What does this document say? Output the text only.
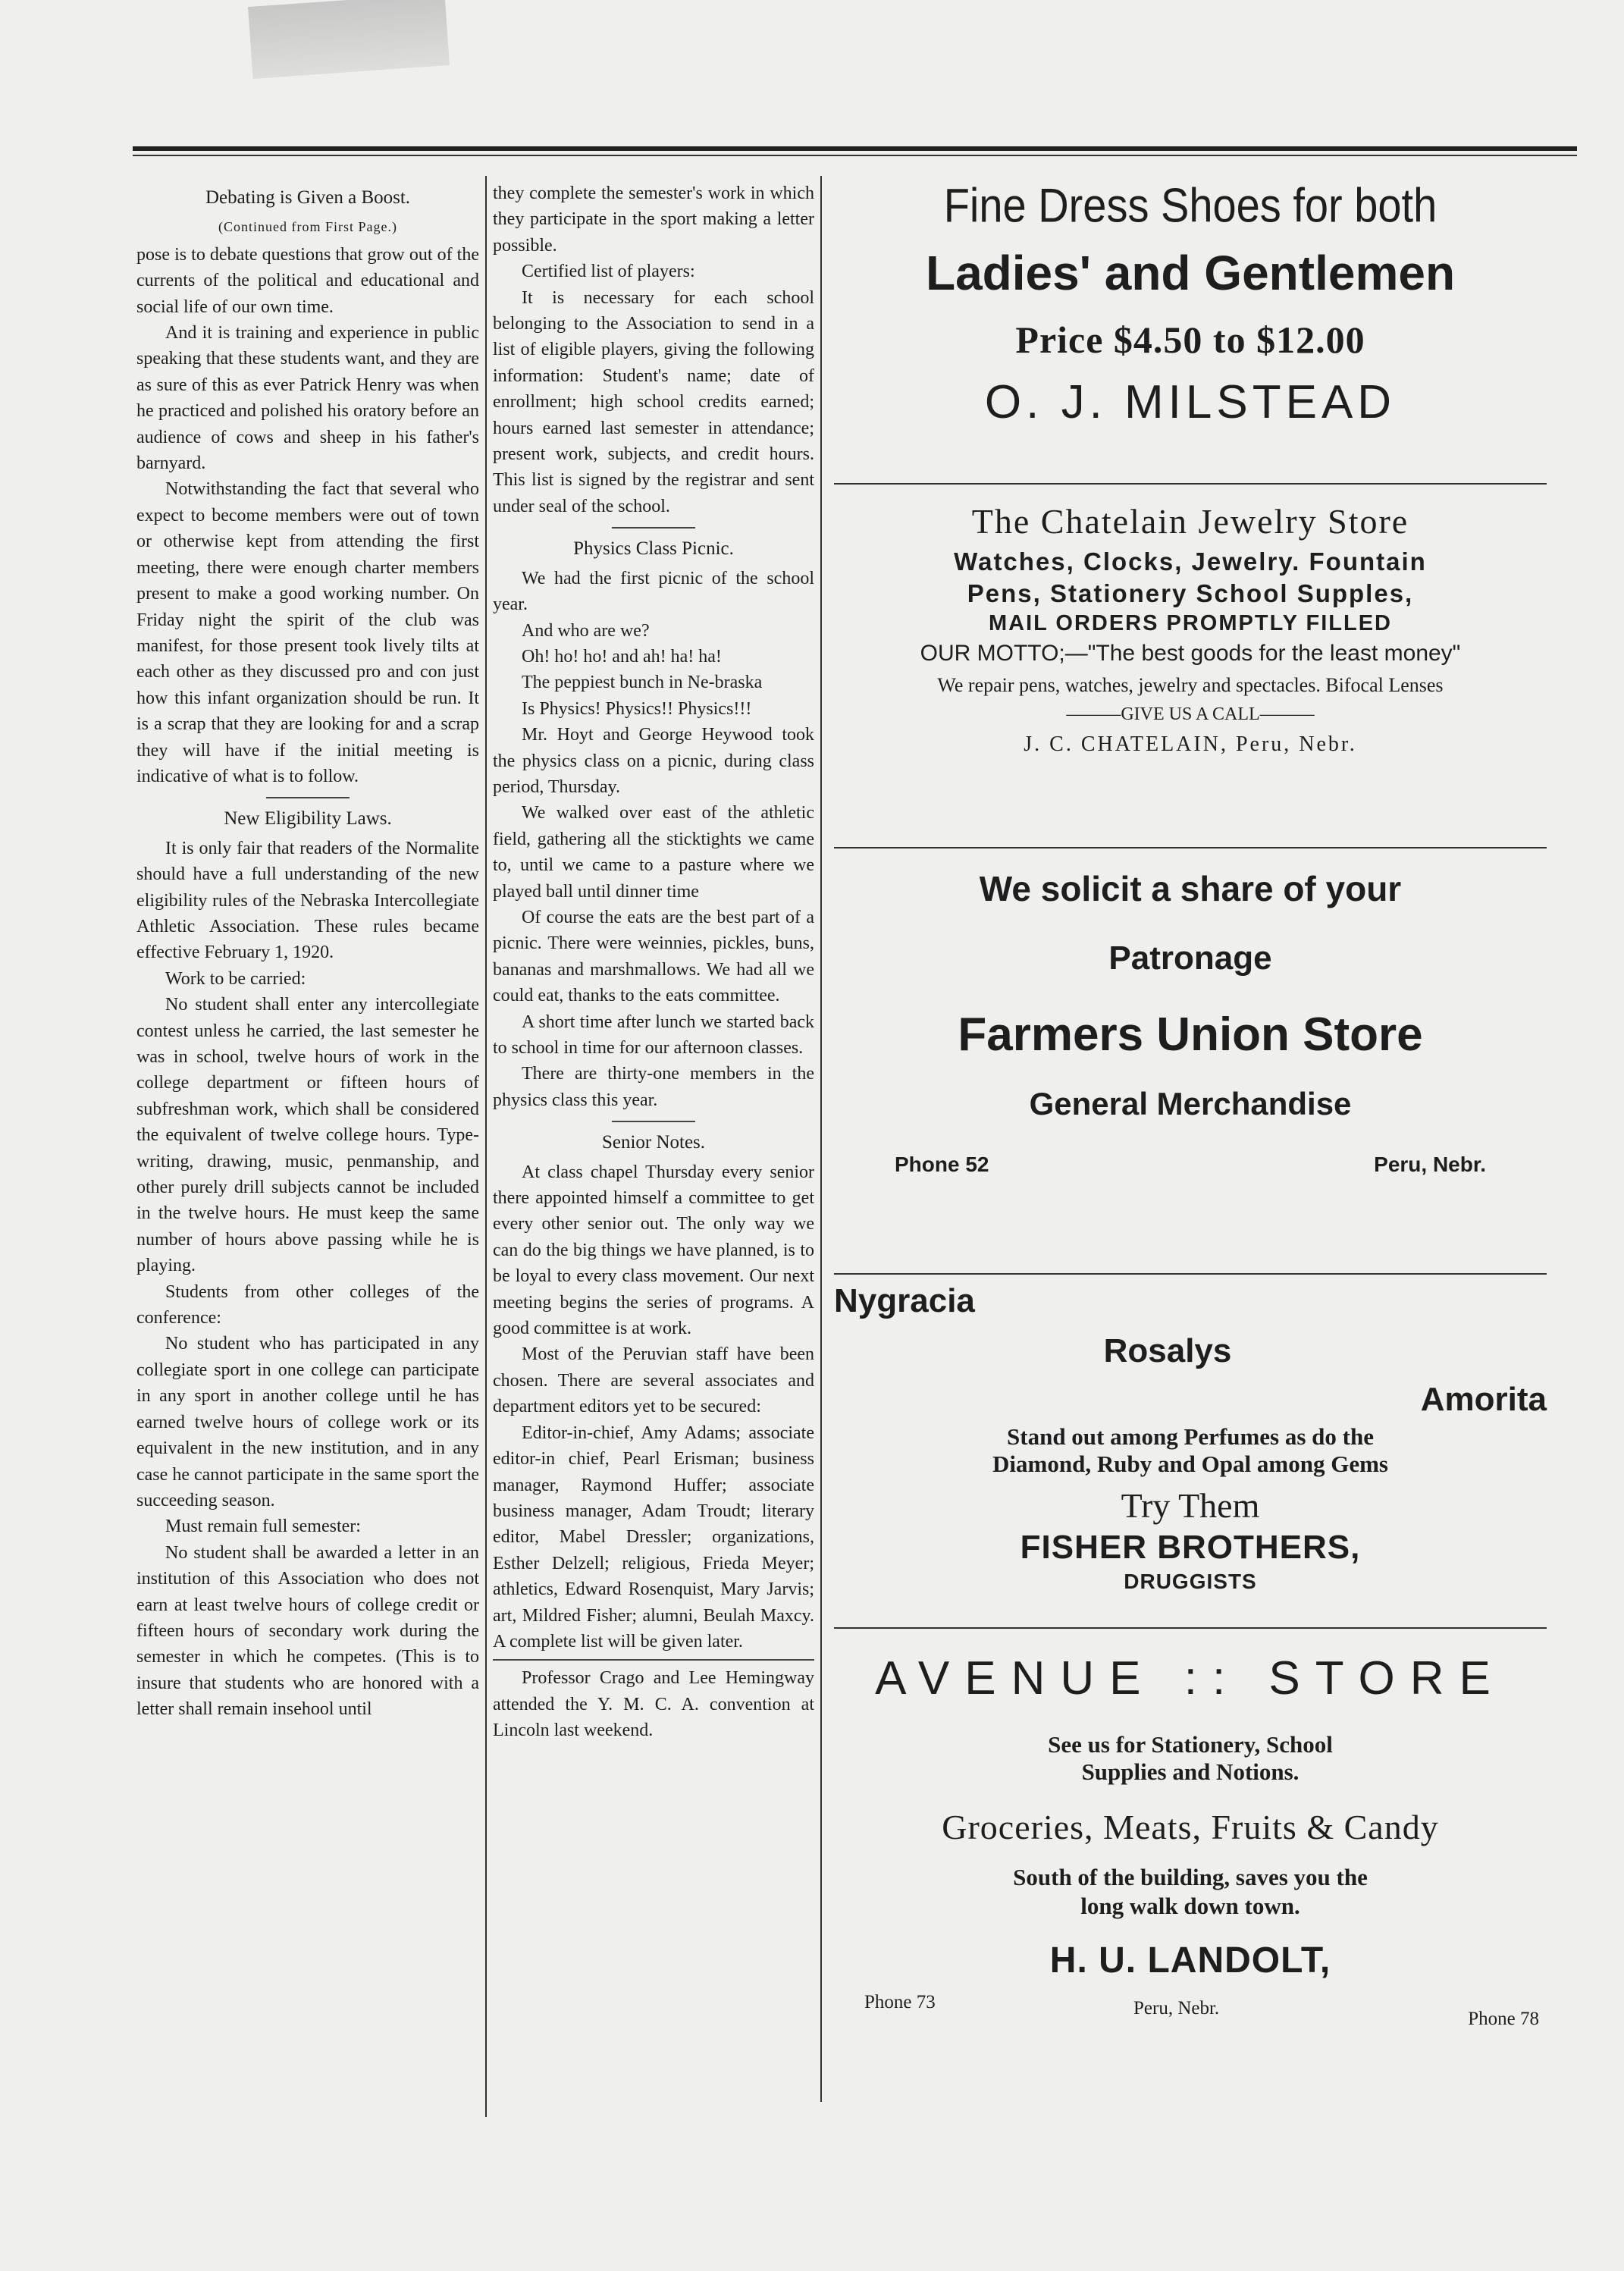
Debating is Given a Boost.
(Continued from First Page.)

pose is to debate questions that grow out of the currents of the political and educational and social life of our own time.

And it is training and experience in public speaking that these students want, and they are as sure of this as ever Patrick Henry was when he practiced and polished his oratory before an audience of cows and sheep in his father's barnyard.

Notwithstanding the fact that several who expect to become members were out of town or otherwise kept from attending the first meeting, there were enough charter members present to make a good working number. On Friday night the spirit of the club was manifest, for those present took lively tilts at each other as they discussed pro and con just how this infant organization should be run. It is a scrap that they are looking for and a scrap they will have if the initial meeting is indicative of what is to follow.

New Eligibility Laws.

It is only fair that readers of the Normalite should have a full understanding of the new eligibility rules of the Nebraska Intercollegiate Athletic Association. These rules became effective February 1, 1920.

Work to be carried:

No student shall enter any intercollegiate contest unless he carried, the last semester he was in school, twelve hours of work in the college department or fifteen hours of subfreshman work, which shall be considered the equivalent of twelve college hours. Type-writing, drawing, music, penmanship, and other purely drill subjects cannot be included in the twelve hours. He must keep the same number of hours above passing while he is playing.

Students from other colleges of the conference:

No student who has participated in any collegiate sport in one college can participate in any sport in another college until he has earned twelve hours of college work or its equivalent in the new institution, and in any case he cannot participate in the same sport the succeeding season.

Must remain full semester:

No student shall be awarded a letter in an institution of this Association who does not earn at least twelve hours of college credit or fifteen hours of secondary work during the semester in which he competes. (This is to insure that students who are honored with a letter shall remain insehool until

they complete the semester's work in which they participate in the sport making a letter possible.

Certified list of players:

It is necessary for each school belonging to the Association to send in a list of eligible players, giving the following information: Student's name; date of enrollment; high school credits earned; hours earned last semester in attendance; present work, subjects, and credit hours. This list is signed by the registrar and sent under seal of the school.

Physics Class Picnic.

We had the first picnic of the school year.

And who are we?

Oh! ho! ho! and ah! ha! ha!

The peppiest bunch in Ne-braska

Is Physics! Physics!! Physics!!!

Mr. Hoyt and George Heywood took the physics class on a picnic, during class period, Thursday.

We walked over east of the athletic field, gathering all the sticktights we came to, until we came to a pasture where we played ball until dinner time

Of course the eats are the best part of a picnic. There were weinnies, pickles, buns, bananas and marshmallows. We had all we could eat, thanks to the eats committee.

A short time after lunch we started back to school in time for our afternoon classes.

There are thirty-one members in the physics class this year.

Senior Notes.

At class chapel Thursday every senior there appointed himself a committee to get every other senior out. The only way we can do the big things we have planned, is to be loyal to every class movement. Our next meeting begins the series of programs. A good committee is at work.

Most of the Peruvian staff have been chosen. There are several associates and department editors yet to be secured:

Editor-in-chief, Amy Adams; associate editor-in chief, Pearl Erisman; business manager, Raymond Huffer; associate business manager, Adam Troudt; literary editor, Mabel Dressler; organizations, Esther Delzell; religious, Frieda Meyer; athletics, Edward Rosenquist, Mary Jarvis; art, Mildred Fisher; alumni, Beulah Maxcy. A complete list will be given later.

Professor Crago and Lee Hemingway attended the Y. M. C. A. convention at Lincoln last weekend.

Fine Dress Shoes for both
Ladies' and Gentlemen
Price $4.50 to $12.00
O. J. MILSTEAD
The Chatelain Jewelry Store
Watches, Clocks, Jewelry. Fountain
Pens, Stationery School Supples,
MAIL ORDERS PROMPTLY FILLED
OUR MOTTO;—"The best goods for the least money"
We repair pens, watches, jewelry and spectacles. Bifocal Lenses
———GIVE US A CALL———
J. C. CHATELAIN, Peru, Nebr.
We solicit a share of your
Patronage
Farmers Union Store
General Merchandise
Phone 52	Peru, Nebr.
Nygracia
Rosalys
Amorita
Stand out among Perfumes as do the
Diamond, Ruby and Opal among Gems
Try Them
FISHER BROTHERS,
DRUGGISTS
AVENUE :: STORE
See us for Stationery, School
Supplies and Notions.
Groceries, Meats, Fruits & Candy
South of the building, saves you the
long walk down town.
H. U. LANDOLT,
Phone 73	Peru, Nebr.
Phone 78
